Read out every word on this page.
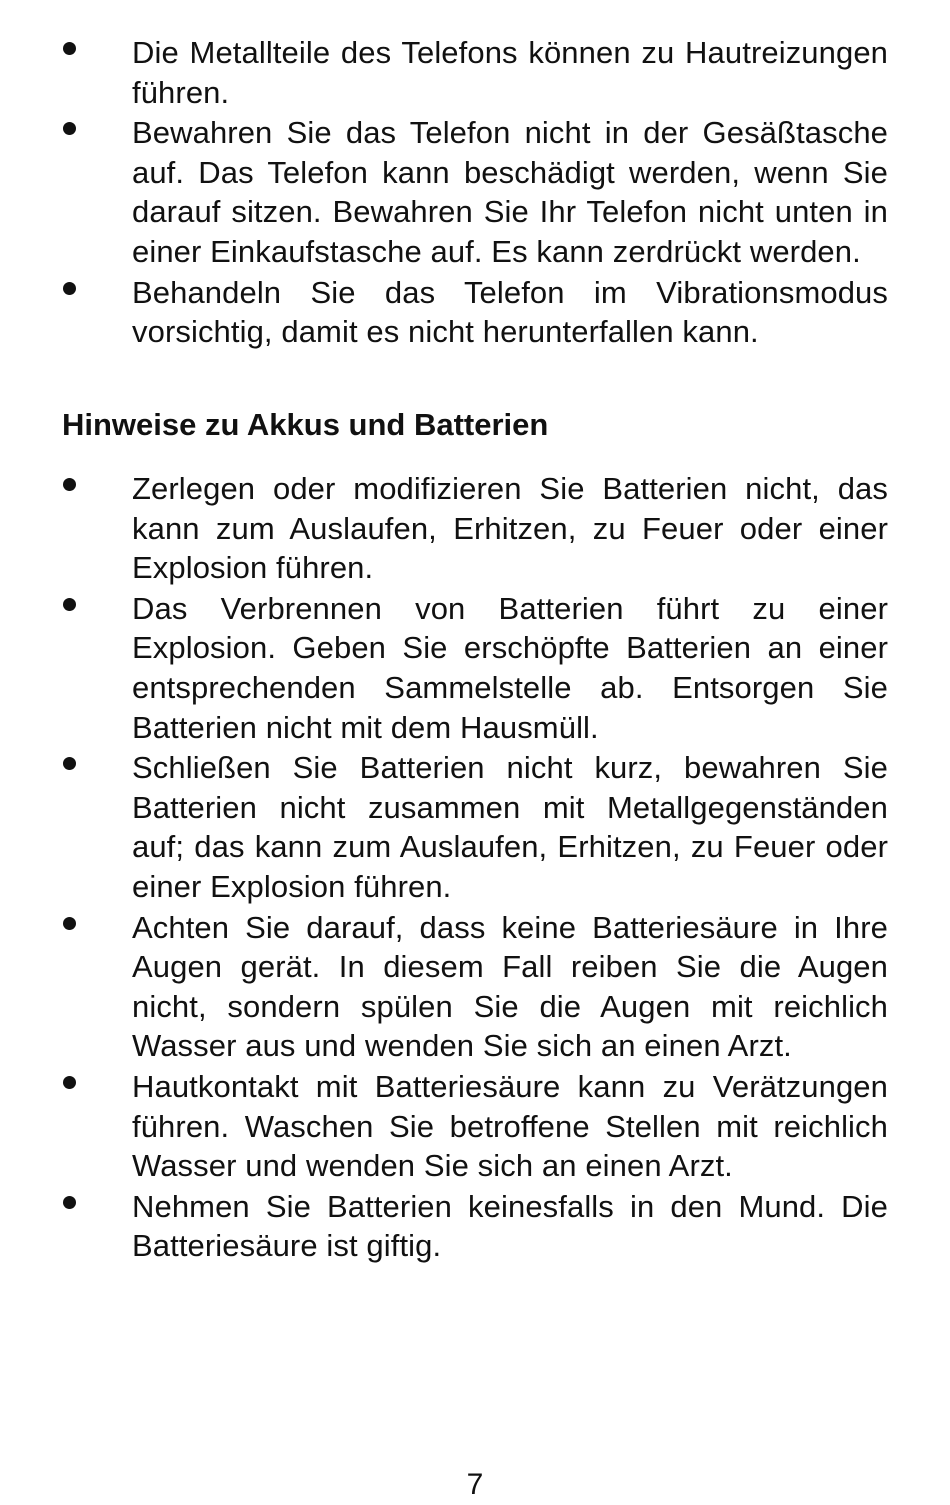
Die Metallteile des Telefons können zu Hautreizungen führen.
Bewahren Sie das Telefon nicht in der Gesäßtasche auf. Das Telefon kann beschädigt werden, wenn Sie darauf sitzen. Bewahren Sie Ihr Telefon nicht unten in einer Einkaufstasche auf. Es kann zerdrückt werden.
Behandeln Sie das Telefon im Vibrationsmodus vorsichtig, damit es nicht herunterfallen kann.
Hinweise zu Akkus und Batterien
Zerlegen oder modifizieren Sie Batterien nicht, das kann zum Auslaufen, Erhitzen, zu Feuer oder einer Explosion führen.
Das Verbrennen von Batterien führt zu einer Explosion. Geben Sie erschöpfte Batterien an einer entsprechenden Sammelstelle ab. Entsorgen Sie Batterien nicht mit dem Hausmüll.
Schließen Sie Batterien nicht kurz, bewahren Sie Batterien nicht zusammen mit Metallgegenständen auf; das kann zum Auslaufen, Erhitzen, zu Feuer oder einer Explosion führen.
Achten Sie darauf, dass keine Batteriesäure in Ihre Augen gerät. In diesem Fall reiben Sie die Augen nicht, sondern spülen Sie die Augen mit reichlich Wasser aus und wenden Sie sich an einen Arzt.
Hautkontakt mit Batteriesäure kann zu Verätzungen führen. Waschen Sie betroffene Stellen mit reichlich Wasser und wenden Sie sich an einen Arzt.
Nehmen Sie Batterien keinesfalls in den Mund. Die Batteriesäure ist giftig.
7
